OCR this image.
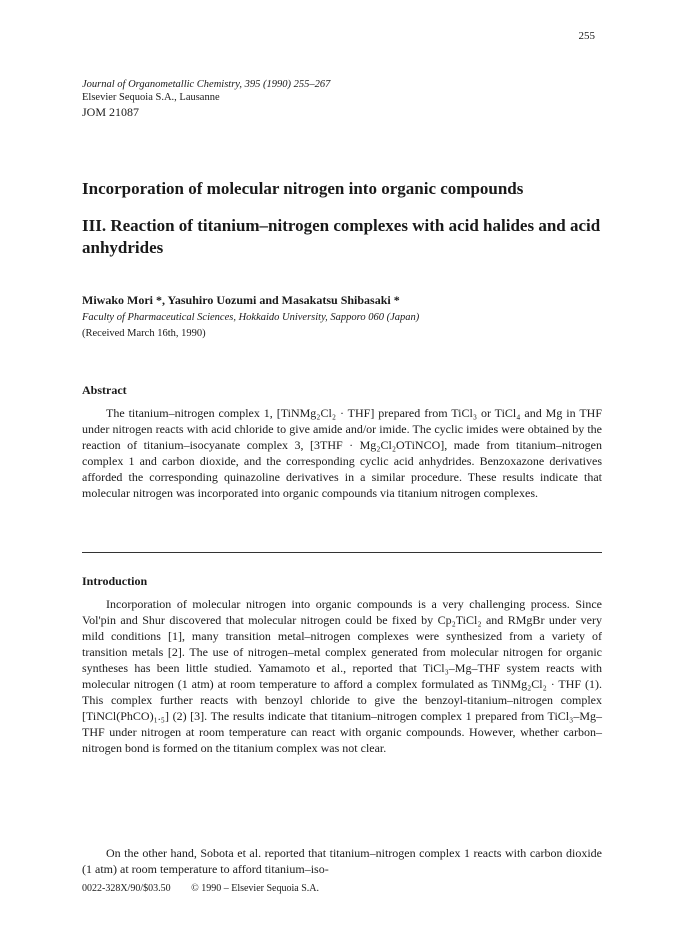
255
Journal of Organometallic Chemistry, 395 (1990) 255–267
Elsevier Sequoia S.A., Lausanne
JOM 21087
Incorporation of molecular nitrogen into organic compounds
III. Reaction of titanium–nitrogen complexes with acid halides and acid anhydrides
Miwako Mori *, Yasuhiro Uozumi and Masakatsu Shibasaki *
Faculty of Pharmaceutical Sciences, Hokkaido University, Sapporo 060 (Japan)
(Received March 16th, 1990)
Abstract

The titanium–nitrogen complex 1, [TiNMg₂Cl₂ · THF] prepared from TiCl₃ or TiCl₄ and Mg in THF under nitrogen reacts with acid chloride to give amide and/or imide. The cyclic imides were obtained by the reaction of titanium–isocyanate complex 3, [3THF · Mg₂Cl₂OTiNCO], made from titanium–nitrogen complex 1 and carbon dioxide, and the corresponding cyclic acid anhydrides. Benzoxazone derivatives afforded the corresponding quinazoline derivatives in a similar procedure. These results indicate that molecular nitrogen was incorporated into organic compounds via titanium nitrogen complexes.

Introduction

Incorporation of molecular nitrogen into organic compounds is a very challenging process. Since Vol'pin and Shur discovered that molecular nitrogen could be fixed by Cp₂TiCl₂ and RMgBr under very mild conditions [1], many transition metal–nitrogen complexes were synthesized from a variety of transition metals [2]. The use of nitrogen–metal complex generated from molecular nitrogen for organic syntheses has been little studied. Yamamoto et al., reported that TiCl₃–Mg–THF system reacts with molecular nitrogen (1 atm) at room temperature to afford a complex formulated as TiNMg₂Cl₂ · THF (1). This complex further reacts with benzoyl chloride to give the benzoyl-titanium–nitrogen complex [TiNCl(PhCO)₁.₅] (2) [3]. The results indicate that titanium–nitrogen complex 1 prepared from TiCl₃–Mg–THF under nitrogen at room temperature can react with organic compounds. However, whether carbon–nitrogen bond is formed on the titanium complex was not clear.

On the other hand, Sobota et al. reported that titanium–nitrogen complex 1 reacts with carbon dioxide (1 atm) at room temperature to afford titanium–iso-

0022-328X/90/$03.50 © 1990 – Elsevier Sequoia S.A.
